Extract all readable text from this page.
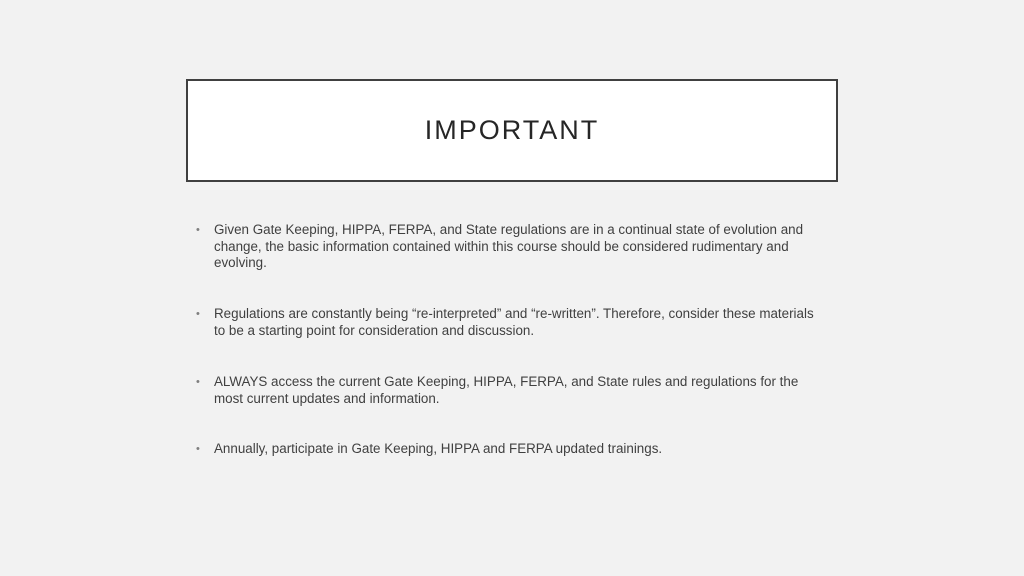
IMPORTANT
• Given Gate Keeping, HIPPA, FERPA, and State regulations are in a continual state of evolution and change, the basic information contained within this course should be considered rudimentary and evolving.
• Regulations are constantly being “re-interpreted” and “re-written”. Therefore, consider these materials to be a starting point for consideration and discussion.
• ALWAYS access the current Gate Keeping, HIPPA, FERPA, and State rules and regulations for the most current updates and information.
• Annually, participate in Gate Keeping, HIPPA and FERPA updated trainings.
